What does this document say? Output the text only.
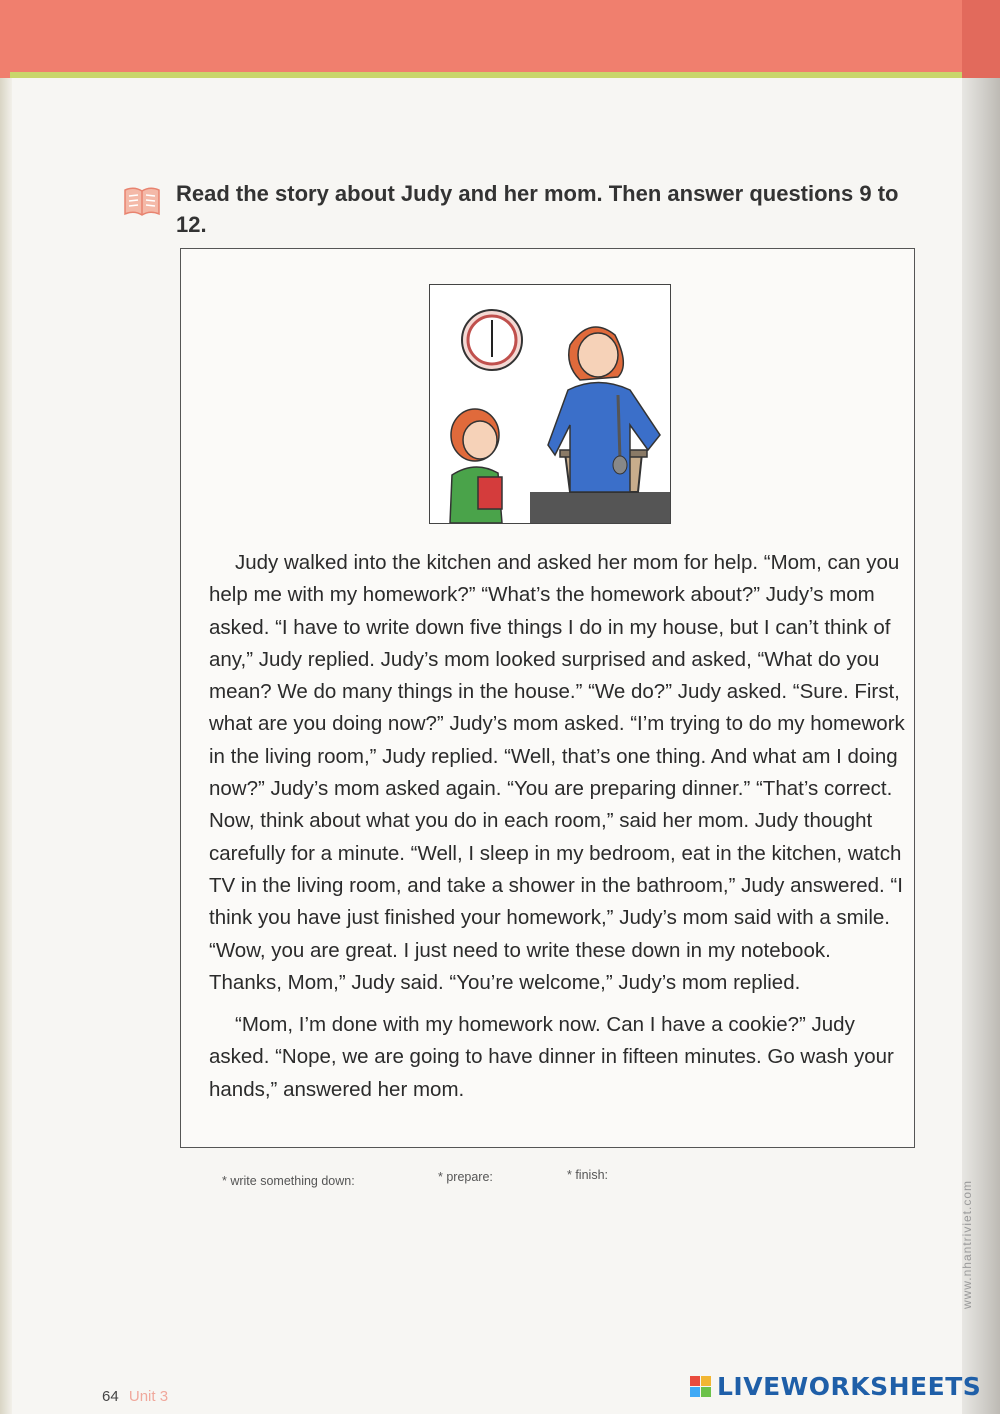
Read the story about Judy and her mom. Then answer questions 9 to 12.

Judy walked into the kitchen and asked her mom for help. “Mom, can you help me with my homework?” “What’s the homework about?” Judy’s mom asked. “I have to write down five things I do in my house, but I can’t think of any,” Judy replied. Judy’s mom looked surprised and asked, “What do you mean? We do many things in the house.” “We do?” Judy asked. “Sure. First, what are you doing now?” Judy’s mom asked. “I’m trying to do my homework in the living room,” Judy replied. “Well, that’s one thing. And what am I doing now?” Judy’s mom asked again. “You are preparing dinner.” “That’s correct. Now, think about what you do in each room,” said her mom. Judy thought carefully for a minute. “Well, I sleep in my bedroom, eat in the kitchen, watch TV in the living room, and take a shower in the bathroom,” Judy answered. “I think you have just finished your homework,” Judy’s mom said with a smile. “Wow, you are great. I just need to write these down in my notebook. Thanks, Mom,” Judy said. “You’re welcome,” Judy’s mom replied.

“Mom, I’m done with my homework now. Can I have a cookie?” Judy asked. “Nope, we are going to have dinner in fifteen minutes. Go wash your hands,” answered her mom.

* write something down:	* prepare:	* finish:
64 Unit 3
www.nhantriviet.com
LIVEWORKSHEETS
